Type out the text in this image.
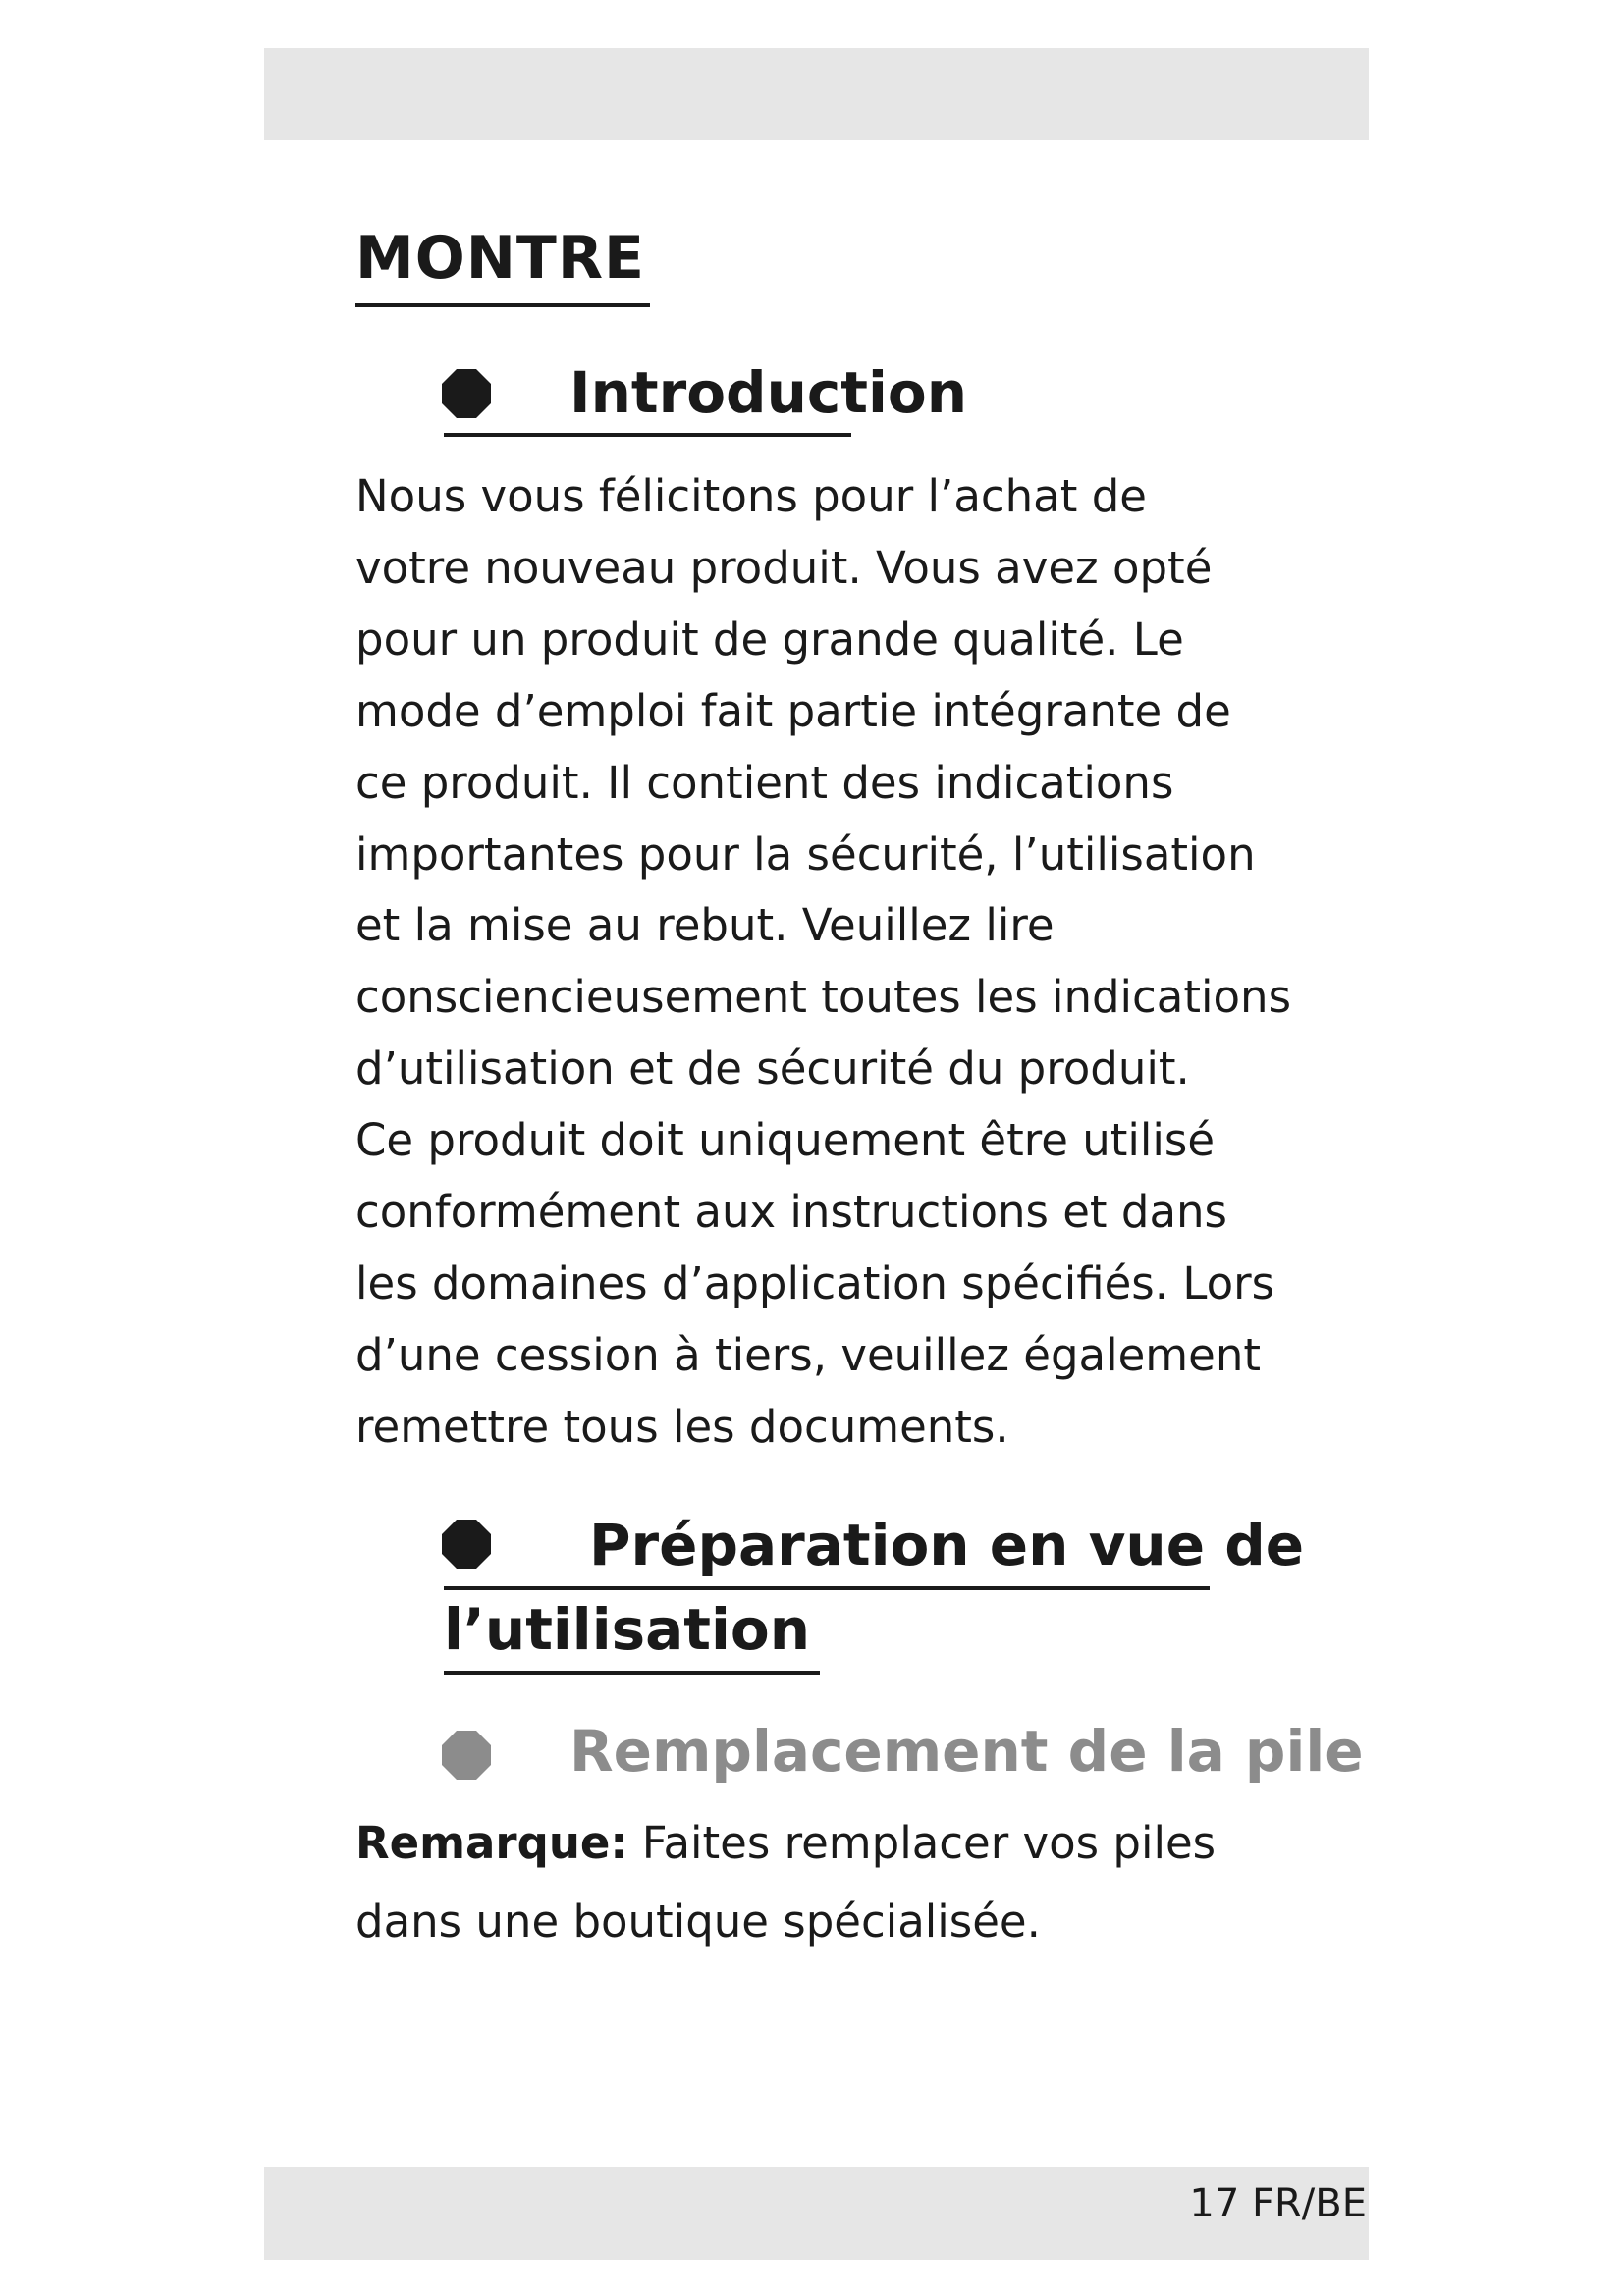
MONTRE
Introduction
Nous vous félicitons pour l’achat de
votre nouveau produit. Vous avez opté
pour un produit de grande qualité. Le
mode d’emploi fait partie intégrante de
ce produit. Il contient des indications
importantes pour la sécurité, l’utilisation
et la mise au rebut. Veuillez lire
consciencieusement toutes les indications
d’utilisation et de sécurité du produit.
Ce produit doit uniquement être utilisé
conformément aux instructions et dans
les domaines d’application spécifiés. Lors
d’une cession à tiers, veuillez également
remettre tous les documents.
Préparation en vue de
l’utilisation
Remplacement de la pile
Remarque: Faites remplacer vos piles
dans une boutique spécialisée.
17 FR/BE
